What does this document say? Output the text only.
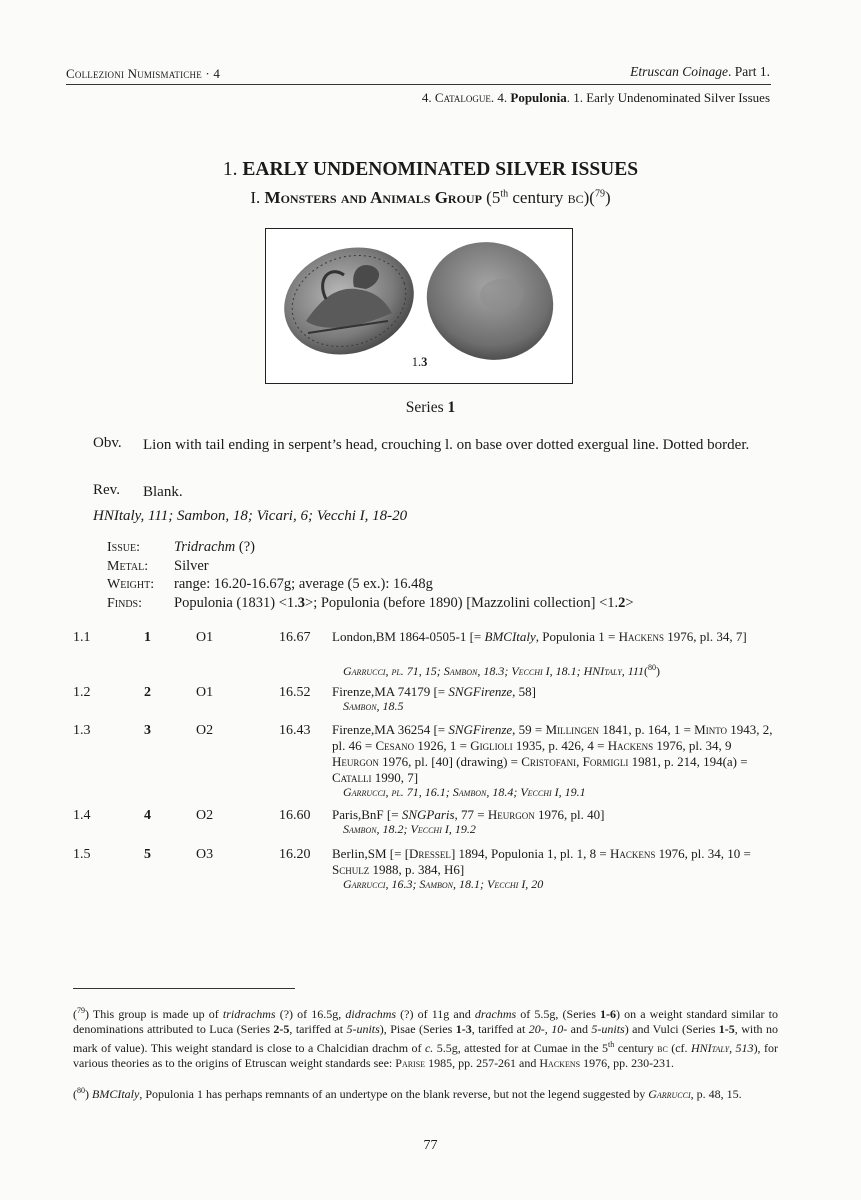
Collezioni Numismatiche · 4	Etruscan Coinage. Part 1.
4. Catalogue. 4. Populonia. 1. Early Undenominated Silver Issues
1. EARLY UNDENOMINATED SILVER ISSUES
I. Monsters and Animals Group (5th century bc)($^{79}$)
1.3
Series 1
Obv. Lion with tail ending in serpent’s head, crouching l. on base over dotted exergual line. Dotted border.
Rev. Blank.
HNItaly, 111; Sambon, 18; Vicari, 6; Vecchi I, 18-20
Issue: Tridrachm (?)
Metal: Silver
Weight: range: 16.20-16.67g; average (5 ex.): 16.48g
Finds: Populonia (1831) <1.3>; Populonia (before 1890) [Mazzolini collection] <1.2>
1.1	1	O1	16.67 London,BM 1864-0505-1 [= BMCItaly, Populonia 1 = Hackens 1976, pl. 34, 7]
Garrucci, pl. 71, 15; Sambon, 18.3; Vecchi I, 18.1; HNItaly, 111($^{80}$)
1.2	2	O1	16.52 Firenze,MA 74179 [= SNGFirenze, 58]
Sambon, 18.5
1.3	3	O2	16.43 Firenze,MA 36254 [= SNGFirenze, 59 = Millingen 1841, p. 164, 1 = Minto 1943, 2, pl. 46 = Cesano 1926, 1 = Giglioli 1935, p. 426, 4 = Hackens 1976, pl. 34, 9 Heurgon 1976, pl. [40] (drawing) = Cristofani, Formigli 1981, p. 214, 194(a) = Catalli 1990, 7]
Garrucci, pl. 71, 16.1; Sambon, 18.4; Vecchi I, 19.1
1.4	4	O2	16.60 Paris,BnF [= SNGParis, 77 = Heurgon 1976, pl. 40]
Sambon, 18.2; Vecchi I, 19.2
1.5	5	O3	16.20 Berlin,SM [= [Dressel] 1894, Populonia 1, pl. 1, 8 = Hackens 1976, pl. 34, 10 = Schulz 1988, p. 384, H6]
Garrucci, 16.3; Sambon, 18.1; Vecchi I, 20
($^{79}$) This group is made up of tridrachms (?) of 16.5g, didrachms (?) of 11g and drachms of 5.5g, (Series 1-6) on a weight standard similar to denominations attributed to Luca (Series 2-5, tariffed at 5-units), Pisae (Series 1-3, tariffed at 20-, 10- and 5-units) and Vulci (Series 1-5, with no mark of value). This weight standard is close to a Chalcidian drachm of c. 5.5g, attested for at Cumae in the 5th century bc (cf. HNItaly, 513), for various theories as to the origins of Etruscan weight standards see: Parise 1985, pp. 257-261 and Hackens 1976, pp. 230-231.
($^{80}$) BMCItaly, Populonia 1 has perhaps remnants of an undertype on the blank reverse, but not the legend suggested by Garrucci, p. 48, 15.
77
